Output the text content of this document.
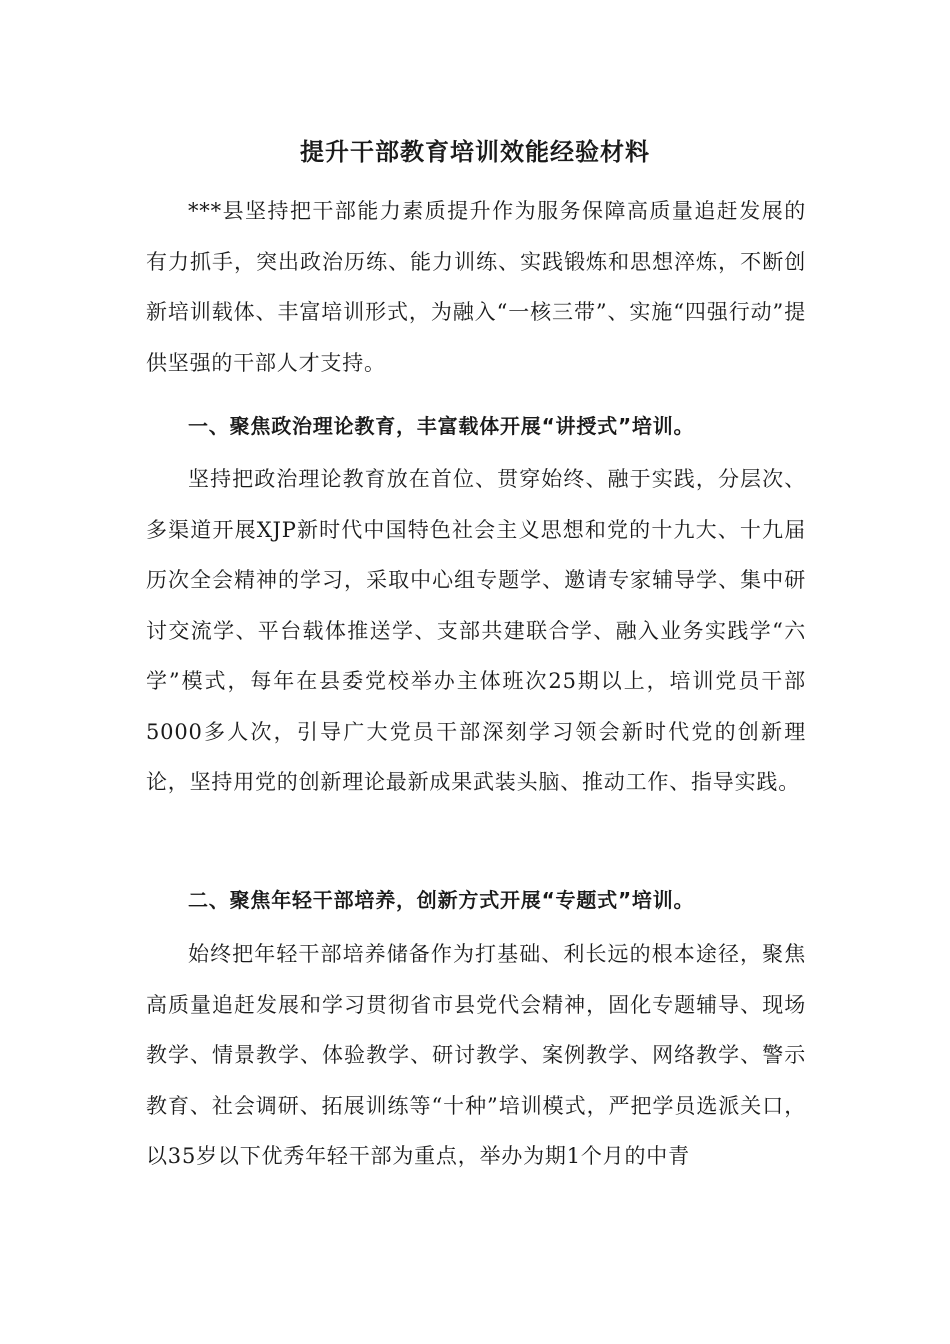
提升干部教育培训效能经验材料

***县坚持把干部能力素质提升作为服务保障高质量追赶发展的有力抓手，突出政治历练、能力训练、实践锻炼和思想淬炼，不断创新培训载体、丰富培训形式，为融入“一核三带”、实施“四强行动”提供坚强的干部人才支持。

一、聚焦政治理论教育，丰富载体开展“讲授式”培训。

坚持把政治理论教育放在首位、贯穿始终、融于实践，分层次、多渠道开展XJP新时代中国特色社会主义思想和党的十九大、十九届历次全会精神的学习，采取中心组专题学、邀请专家辅导学、集中研讨交流学、平台载体推送学、支部共建联合学、融入业务实践学“六学”模式，每年在县委党校举办主体班次25期以上，培训党员干部5000多人次，引导广大党员干部深刻学习领会新时代党的创新理论，坚持用党的创新理论最新成果武装头脑、推动工作、指导实践。

二、聚焦年轻干部培养，创新方式开展“专题式”培训。

始终把年轻干部培养储备作为打基础、利长远的根本途径，聚焦高质量追赶发展和学习贯彻省市县党代会精神，固化专题辅导、现场教学、情景教学、体验教学、研讨教学、案例教学、网络教学、警示教育、社会调研、拓展训练等“十种”培训模式，严把学员选派关口，以35岁以下优秀年轻干部为重点，举办为期1个月的中青
